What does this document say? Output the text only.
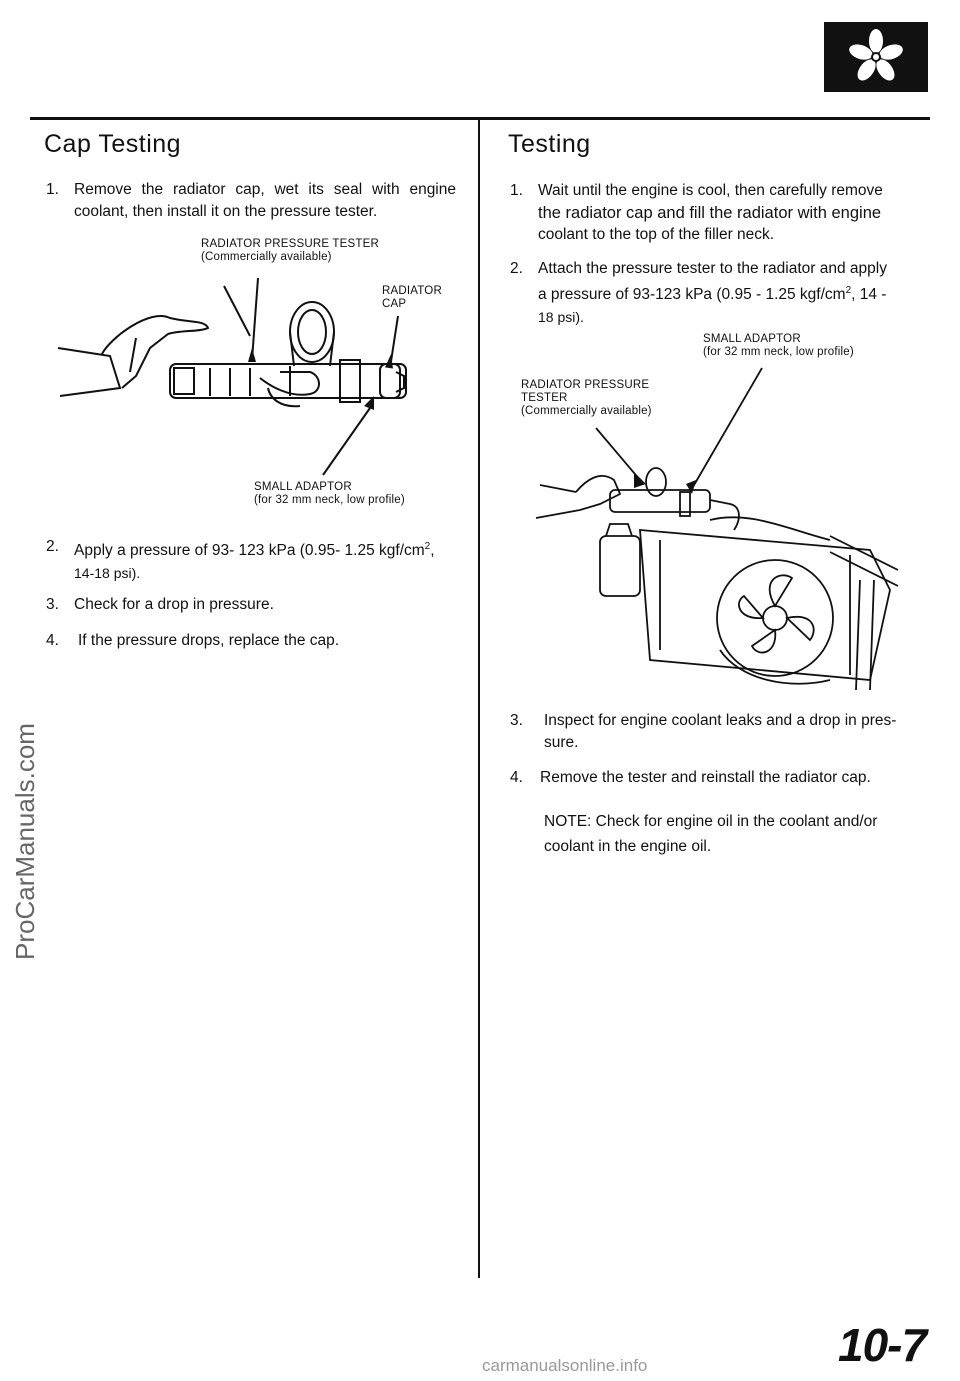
Cap Testing
1. Remove the radiator cap, wet its seal with engine coolant, then install it on the pressure tester.
RADIATOR PRESSURE TESTER
(Commercially available)
RADIATOR
CAP
SMALL ADAPTOR
(for 32 mm neck, low profile)
2. Apply a pressure of 93- 123 kPa (0.95- 1.25 kgf/$cm^2$,
14-18 psi).
3. Check for a drop in pressure.
4. If the pressure drops, replace the cap.
Testing
1. Wait until the engine is cool, then carefully remove
the radiator cap and fill the radiator with engine
coolant to the top of the filler neck.
2. Attach the pressure tester to the radiator and apply
a pressure of 93-123 kPa (0.95 - 1.25 kgf/$cm^2$, 14 -
18 psi).
SMALL ADAPTOR
(for 32 mm neck, low profile)
RADIATOR PRESSURE
TESTER
(Commercially available)
3. Inspect for engine coolant leaks and a drop in pres-
sure.
4. Remove the tester and reinstall the radiator cap.
NOTE: Check for engine oil in the coolant and/or
coolant in the engine oil.
10-7
ProCarManuals.com
carmanualsonline.info
